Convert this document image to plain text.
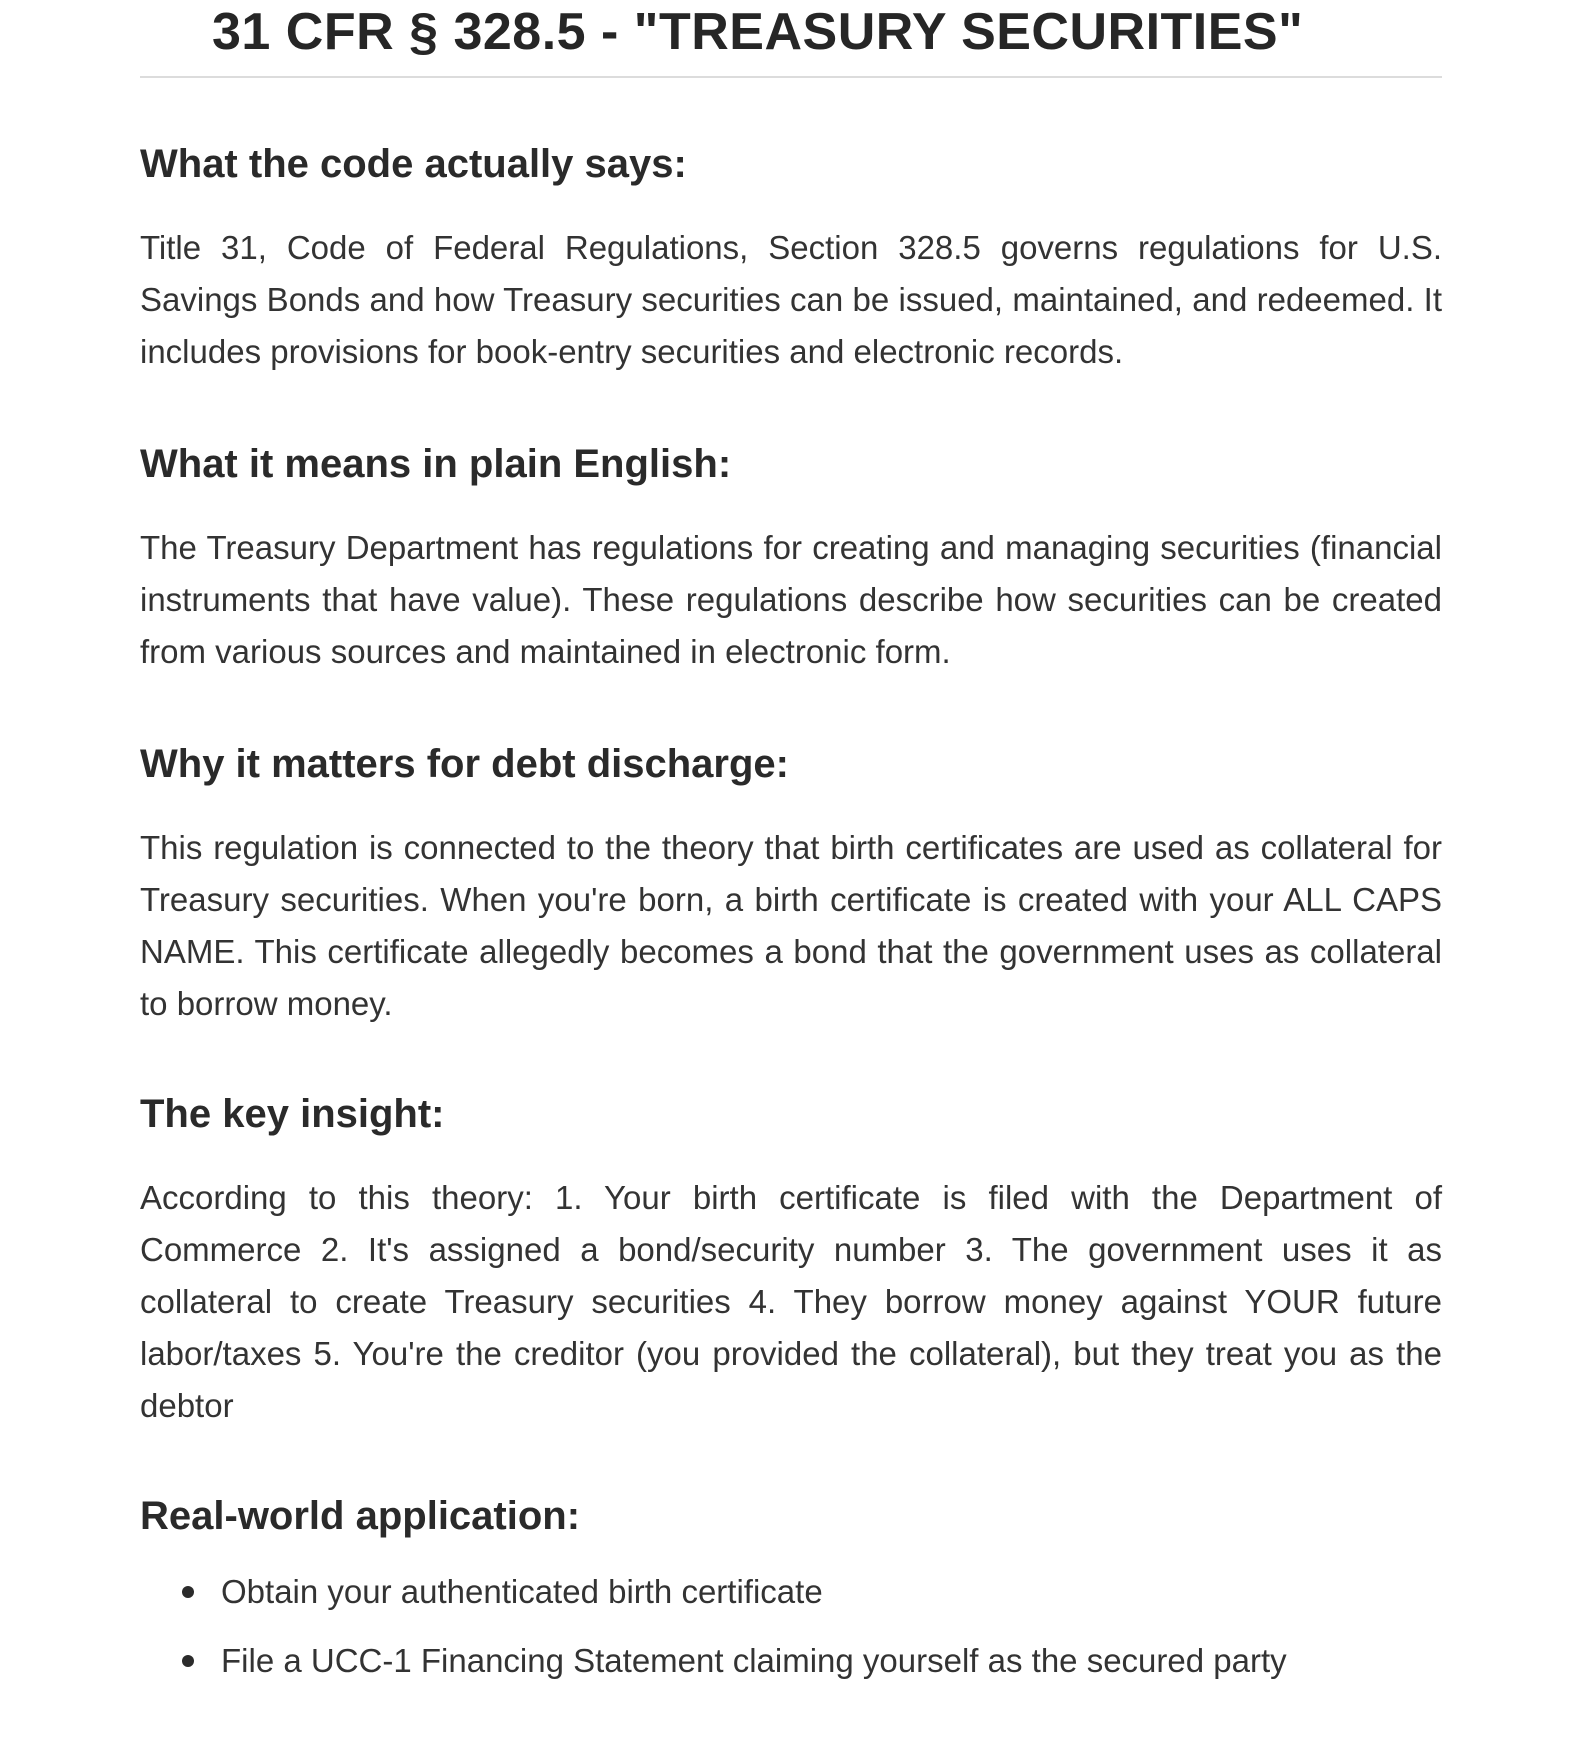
31 CFR § 328.5 - "TREASURY SECURITIES"
What the code actually says:

Title 31, Code of Federal Regulations, Section 328.5 governs regulations for U.S. Savings Bonds and how Treasury securities can be issued, maintained, and redeemed. It includes provisions for book-entry securities and electronic records.

What it means in plain English:

The Treasury Department has regulations for creating and managing securities (financial instruments that have value). These regulations describe how securities can be created from various sources and maintained in electronic form.

Why it matters for debt discharge:

This regulation is connected to the theory that birth certificates are used as collateral for Treasury securities. When you're born, a birth certificate is created with your ALL CAPS NAME. This certificate allegedly becomes a bond that the government uses as collateral to borrow money.

The key insight:

According to this theory: 1. Your birth certificate is filed with the Department of Commerce 2. It's assigned a bond/security number 3. The government uses it as collateral to create Treasury securities 4. They borrow money against YOUR future labor/taxes 5. You're the creditor (you provided the collateral), but they treat you as the debtor

Real-world application:
Obtain your authenticated birth certificate
File a UCC-1 Financing Statement claiming yourself as the secured party
